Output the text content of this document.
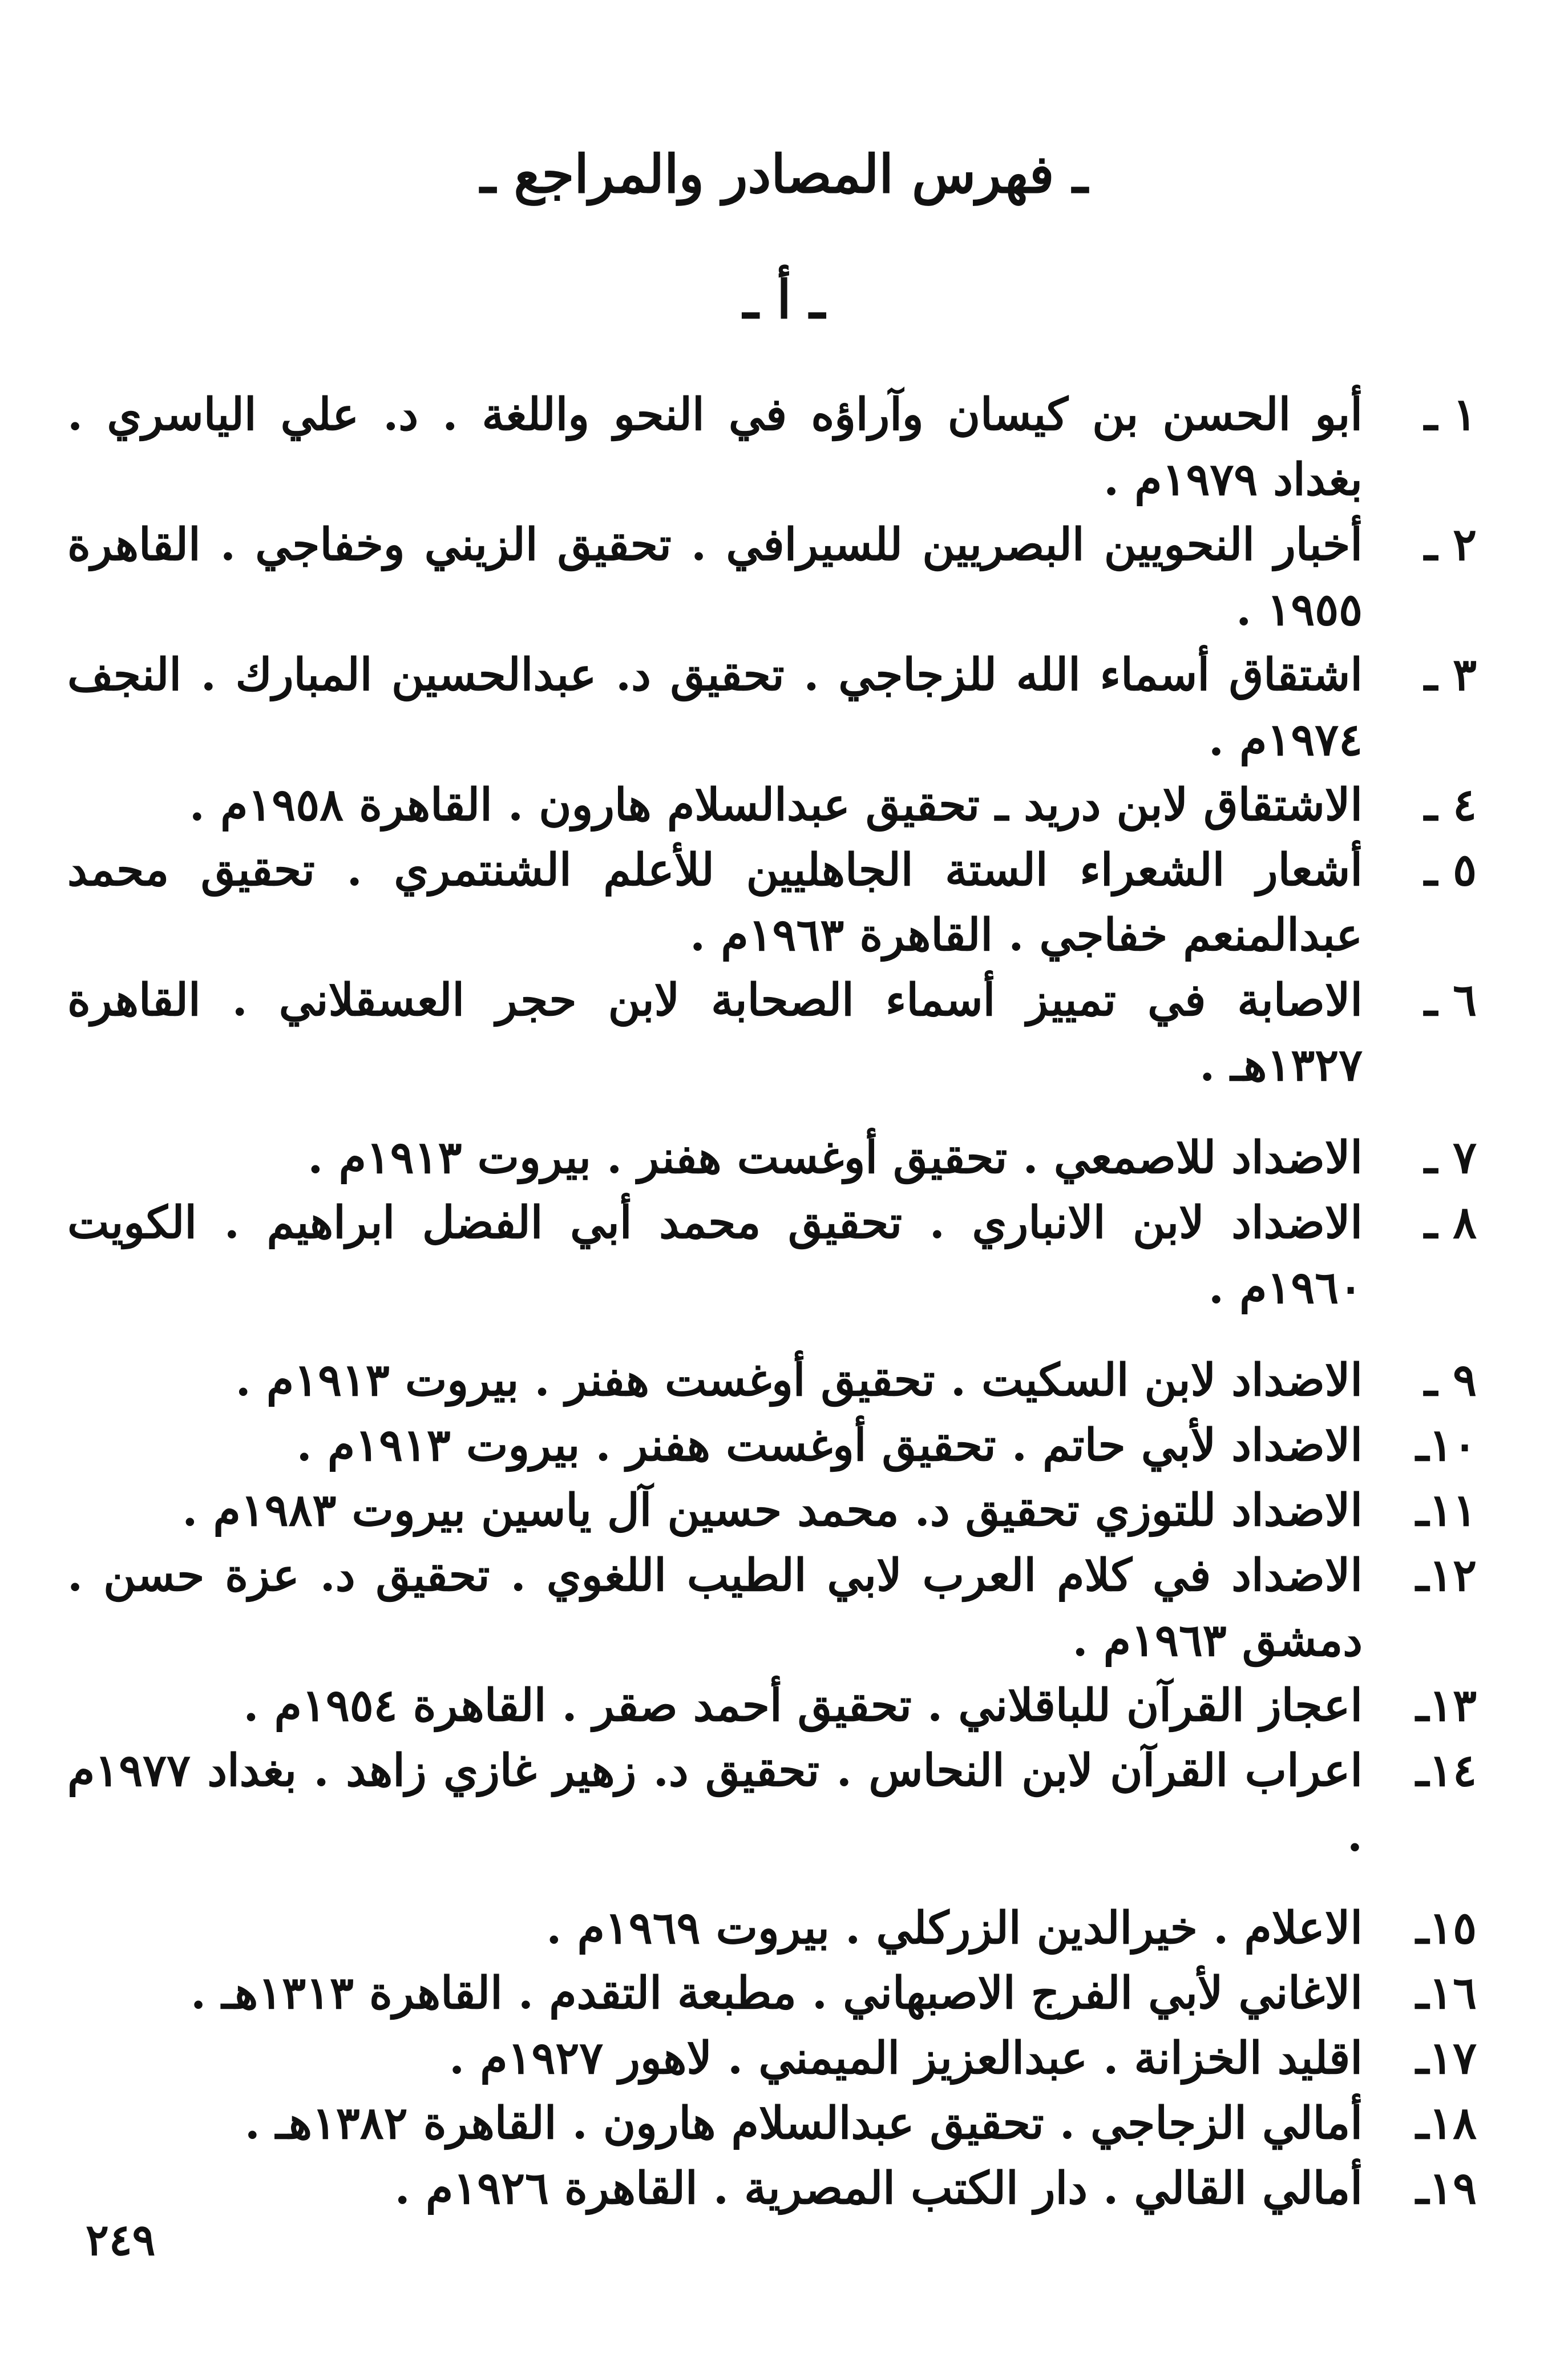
ـ فهرس المصادر والمراجع ـ
ـ أ ـ
١ ـ
أبو الحسن بن كيسان وآراؤه في النحو واللغة . د. علي الياسري . بغداد ١٩٧٩م .
٢ ـ
أخبار النحويين البصريين للسيرافي . تحقيق الزيني وخفاجي . القاهرة ١٩٥٥ .
٣ ـ
اشتقاق أسماء الله للزجاجي . تحقيق د. عبدالحسين المبارك . النجف ١٩٧٤م .
٤ ـ
الاشتقاق لابن دريد ـ تحقيق عبدالسلام هارون . القاهرة ١٩٥٨م .
٥ ـ
أشعار الشعراء الستة الجاهليين للأعلم الشنتمري . تحقيق محمد عبدالمنعم خفاجي . القاهرة ١٩٦٣م .
٦ ـ
الاصابة في تمييز أسماء الصحابة لابن حجر العسقلاني . القاهرة ١٣٢٧هـ .
٧ ـ
الاضداد للاصمعي . تحقيق أوغست هفنر . بيروت ١٩١٣م .
٨ ـ
الاضداد لابن الانباري . تحقيق محمد أبي الفضل ابراهيم . الكويت ١٩٦٠م .
٩ ـ
الاضداد لابن السكيت . تحقيق أوغست هفنر . بيروت ١٩١٣م .
١٠ـ
الاضداد لأبي حاتم . تحقيق أوغست هفنر . بيروت ١٩١٣م .
١١ـ
الاضداد للتوزي تحقيق د. محمد حسين آل ياسين بيروت ١٩٨٣م .
١٢ـ
الاضداد في كلام العرب لابي الطيب اللغوي . تحقيق د. عزة حسن . دمشق ١٩٦٣م .
١٣ـ
اعجاز القرآن للباقلاني . تحقيق أحمد صقر . القاهرة ١٩٥٤م .
١٤ـ
اعراب القرآن لابن النحاس . تحقيق د. زهير غازي زاهد . بغداد ١٩٧٧م .
١٥ـ
الاعلام . خيرالدين الزركلي . بيروت ١٩٦٩م .
١٦ـ
الاغاني لأبي الفرج الاصبهاني . مطبعة التقدم . القاهرة ١٣١٣هـ .
١٧ـ
اقليد الخزانة . عبدالعزيز الميمني . لاهور ١٩٢٧م .
١٨ـ
أمالي الزجاجي . تحقيق عبدالسلام هارون . القاهرة ١٣٨٢هـ .
١٩ـ
أمالي القالي . دار الكتب المصرية . القاهرة ١٩٢٦م .
٢٤٩
